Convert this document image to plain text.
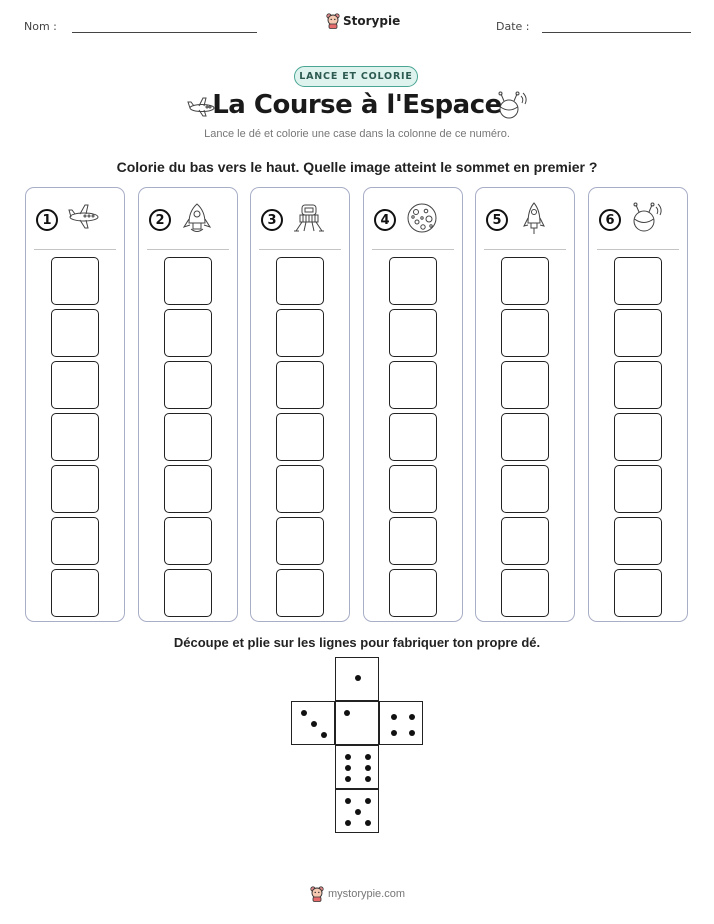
Nom :	Storypie	Date :
LANCE ET COLORIE
La Course à l'Espace
Lance le dé et colorie une case dans la colonne de ce numéro.
Colorie du bas vers le haut. Quelle image atteint le sommet en premier ?
1	2	3	4	5	6
Découpe et plie sur les lignes pour fabriquer ton propre dé.
mystorypie.com
